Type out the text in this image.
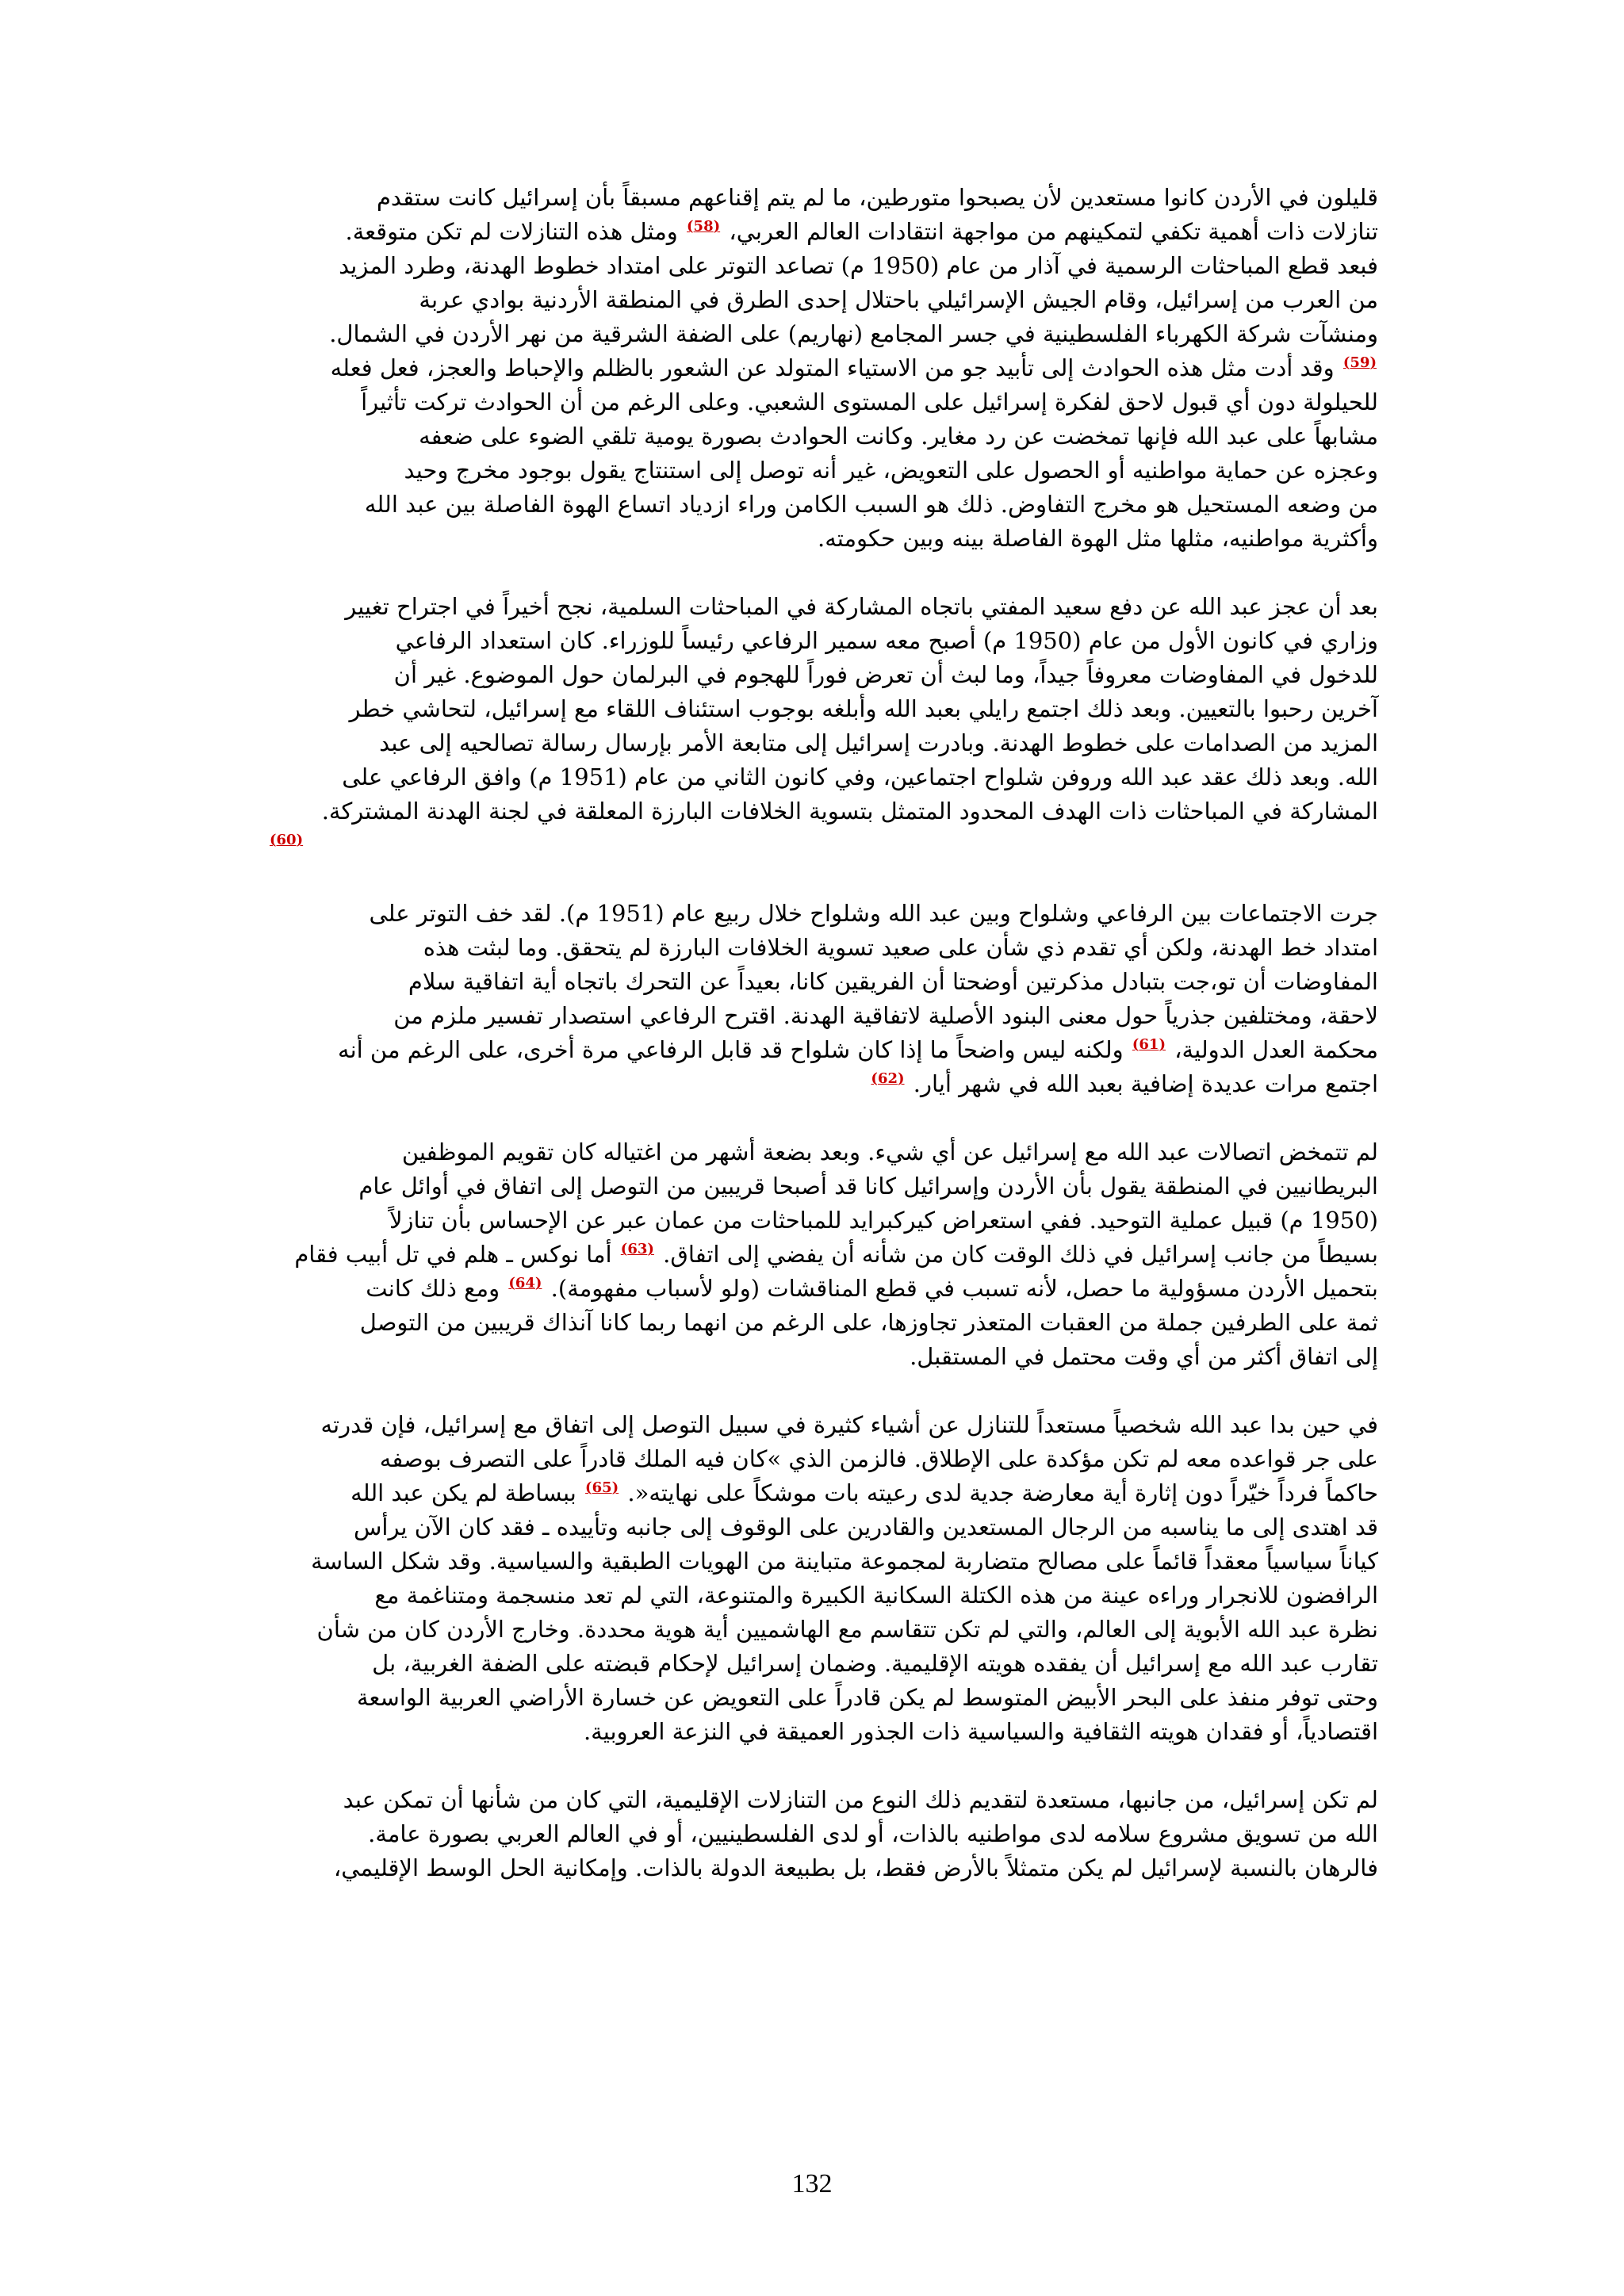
قليلون في الأردن كانوا مستعدين لأن يصبحوا متورطين، ما لم يتم إقناعهم مسبقاً بأن إسرائيل كانت ستقدم
تنازلات ذات أهمية تكفي لتمكينهم من مواجهة انتقادات العالم العربي، $^{(58)}$ ومثل هذه التنازلات لم تكن متوقعة.
فبعد قطع المباحثات الرسمية في آذار من عام (1950 م) تصاعد التوتر على امتداد خطوط الهدنة، وطرد المزيد
من العرب من إسرائيل، وقام الجيش الإسرائيلي باحتلال إحدى الطرق في المنطقة الأردنية بوادي عربة
ومنشآت شركة الكهرباء الفلسطينية في جسر المجامع (نهاريم) على الضفة الشرقية من نهر الأردن في الشمال.
$^{(59)}$ وقد أدت مثل هذه الحوادث إلى تأبيد جو من الاستياء المتولد عن الشعور بالظلم والإحباط والعجز، فعل فعله
للحيلولة دون أي قبول لاحق لفكرة إسرائيل على المستوى الشعبي. وعلى الرغم من أن الحوادث تركت تأثيراً
مشابهاً على عبد الله فإنها تمخضت عن رد مغاير. وكانت الحوادث بصورة يومية تلقي الضوء على ضعفه
وعجزه عن حماية مواطنيه أو الحصول على التعويض، غير أنه توصل إلى استنتاج يقول بوجود مخرج وحيد
من وضعه المستحيل هو مخرج التفاوض. ذلك هو السبب الكامن وراء ازدياد اتساع الهوة الفاصلة بين عبد الله
وأكثرية مواطنيه، مثلها مثل الهوة الفاصلة بينه وبين حكومته.
بعد أن عجز عبد الله عن دفع سعيد المفتي باتجاه المشاركة في المباحثات السلمية، نجح أخيراً في اجتراح تغيير
وزاري في كانون الأول من عام (1950 م) أصبح معه سمير الرفاعي رئيساً للوزراء. كان استعداد الرفاعي
للدخول في المفاوضات معروفاً جيداً، وما لبث أن تعرض فوراً للهجوم في البرلمان حول الموضوع. غير أن
آخرين رحبوا بالتعيين. وبعد ذلك اجتمع رايلي بعبد الله وأبلغه بوجوب استئناف اللقاء مع إسرائيل، لتحاشي خطر
المزيد من الصدامات على خطوط الهدنة. وبادرت إسرائيل إلى متابعة الأمر بإرسال رسالة تصالحيه إلى عبد
الله. وبعد ذلك عقد عبد الله وروفن شلواح اجتماعين، وفي كانون الثاني من عام (1951 م) وافق الرفاعي على
المشاركة في المباحثات ذات الهدف المحدود المتمثل بتسوية الخلافات البارزة المعلقة في لجنة الهدنة المشتركة.
$^{(60)}$
جرت الاجتماعات بين الرفاعي وشلواح وبين عبد الله وشلواح خلال ربيع عام (1951 م). لقد خف التوتر على
امتداد خط الهدنة، ولكن أي تقدم ذي شأن على صعيد تسوية الخلافات البارزة لم يتحقق. وما لبثت هذه
المفاوضات أن تو،جت بتبادل مذكرتين أوضحتا أن الفريقين كانا، بعيداً عن التحرك باتجاه أية اتفاقية سلام
لاحقة، ومختلفين جذرياً حول معنى البنود الأصلية لاتفاقية الهدنة. اقترح الرفاعي استصدار تفسير ملزم من
محكمة العدل الدولية، $^{(61)}$ ولكنه ليس واضحاً ما إذا كان شلواح قد قابل الرفاعي مرة أخرى، على الرغم من أنه
اجتمع مرات عديدة إضافية بعبد الله في شهر أيار. $^{(62)}$
لم تتمخض اتصالات عبد الله مع إسرائيل عن أي شيء. وبعد بضعة أشهر من اغتياله كان تقويم الموظفين
البريطانيين في المنطقة يقول بأن الأردن وإسرائيل كانا قد أصبحا قريبين من التوصل إلى اتفاق في أوائل عام
(1950 م) قبيل عملية التوحيد. ففي استعراض كيركبرايد للمباحثات من عمان عبر عن الإحساس بأن تنازلاً
بسيطاً من جانب إسرائيل في ذلك الوقت كان من شأنه أن يفضي إلى اتفاق. $^{(63)}$ أما نوكس ـ هلم في تل أبيب فقام
بتحميل الأردن مسؤولية ما حصل، لأنه تسبب في قطع المناقشات (ولو لأسباب مفهومة). $^{(64)}$ ومع ذلك كانت
ثمة على الطرفين جملة من العقبات المتعذر تجاوزها، على الرغم من انهما ربما كانا آنذاك قريبين من التوصل
إلى اتفاق أكثر من أي وقت محتمل في المستقبل.
في حين بدا عبد الله شخصياً مستعداً للتنازل عن أشياء كثيرة في سبيل التوصل إلى اتفاق مع إسرائيل، فإن قدرته
على جر قواعده معه لم تكن مؤكدة على الإطلاق. فالزمن الذي »كان فيه الملك قادراً على التصرف بوصفه
حاكماً فرداً خيّراً دون إثارة أية معارضة جدية لدى رعيته بات موشكاً على نهايته«. $^{(65)}$ ببساطة لم يكن عبد الله
قد اهتدى إلى ما يناسبه من الرجال المستعدين والقادرين على الوقوف إلى جانبه وتأييده ـ فقد كان الآن يرأس
كياناً سياسياً معقداً قائماً على مصالح متضاربة لمجموعة متباينة من الهويات الطبقية والسياسية. وقد شكل الساسة
الرافضون للانجرار وراءه عينة من هذه الكتلة السكانية الكبيرة والمتنوعة، التي لم تعد منسجمة ومتناغمة مع
نظرة عبد الله الأبوية إلى العالم، والتي لم تكن تتقاسم مع الهاشميين أية هوية محددة. وخارج الأردن كان من شأن
تقارب عبد الله مع إسرائيل أن يفقده هويته الإقليمية. وضمان إسرائيل لإحكام قبضته على الضفة الغربية، بل
وحتى توفر منفذ على البحر الأبيض المتوسط لم يكن قادراً على التعويض عن خسارة الأراضي العربية الواسعة
اقتصادياً، أو فقدان هويته الثقافية والسياسية ذات الجذور العميقة في النزعة العروبية.
لم تكن إسرائيل، من جانبها، مستعدة لتقديم ذلك النوع من التنازلات الإقليمية، التي كان من شأنها أن تمكن عبد
الله من تسويق مشروع سلامه لدى مواطنيه بالذات، أو لدى الفلسطينيين، أو في العالم العربي بصورة عامة.
فالرهان بالنسبة لإسرائيل لم يكن متمثلاً بالأرض فقط، بل بطبيعة الدولة بالذات. وإمكانية الحل الوسط الإقليمي،
132
